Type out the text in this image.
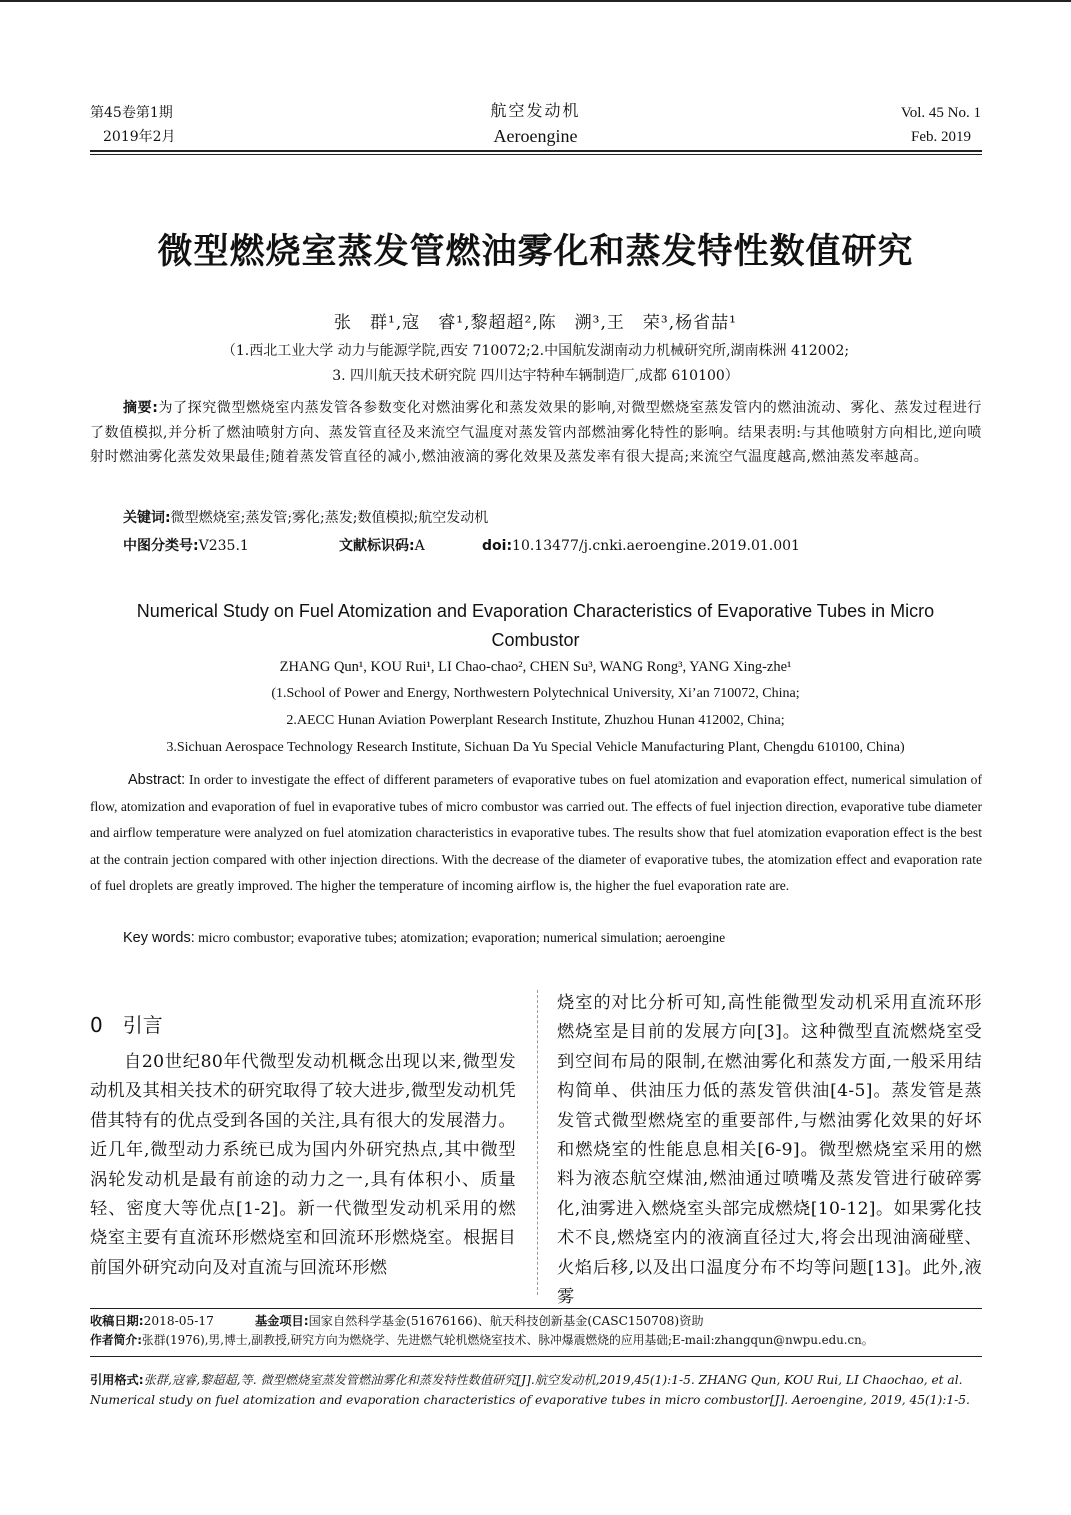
第45卷第1期
2019年2月
航空发动机
Aeroengine
Vol. 45 No. 1
Feb. 2019
微型燃烧室蒸发管燃油雾化和蒸发特性数值研究
张　群¹,寇　睿¹,黎超超²,陈　溯³,王　荣³,杨省喆¹
（1.西北工业大学 动力与能源学院,西安 710072;2.中国航发湖南动力机械研究所,湖南株洲 412002;
3. 四川航天技术研究院 四川达宇特种车辆制造厂,成都 610100）
摘要:为了探究微型燃烧室内蒸发管各参数变化对燃油雾化和蒸发效果的影响,对微型燃烧室蒸发管内的燃油流动、雾化、蒸发过程进行了数值模拟,并分析了燃油喷射方向、蒸发管直径及来流空气温度对蒸发管内部燃油雾化特性的影响。结果表明:与其他喷射方向相比,逆向喷射时燃油雾化蒸发效果最佳;随着蒸发管直径的减小,燃油液滴的雾化效果及蒸发率有很大提高;来流空气温度越高,燃油蒸发率越高。
关键词:微型燃烧室;蒸发管;雾化;蒸发;数值模拟;航空发动机
中图分类号:V235.1	文献标识码:A	doi:10.13477/j.cnki.aeroengine.2019.01.001
Numerical Study on Fuel Atomization and Evaporation Characteristics of Evaporative Tubes in Micro Combustor
ZHANG Qun¹, KOU Rui¹, LI Chao-chao², CHEN Su³, WANG Rong³, YANG Xing-zhe¹
(1.School of Power and Energy, Northwestern Polytechnical University, Xi’an 710072, China;
2.AECC Hunan Aviation Powerplant Research Institute, Zhuzhou Hunan 412002, China;
3.Sichuan Aerospace Technology Research Institute, Sichuan Da Yu Special Vehicle Manufacturing Plant, Chengdu 610100, China)
Abstract: In order to investigate the effect of different parameters of evaporative tubes on fuel atomization and evaporation effect, numerical simulation of flow, atomization and evaporation of fuel in evaporative tubes of micro combustor was carried out. The effects of fuel injection direction, evaporative tube diameter and airflow temperature were analyzed on fuel atomization characteristics in evaporative tubes. The results show that fuel atomization evaporation effect is the best at the contrain jection compared with other injection directions. With the decrease of the diameter of evaporative tubes, the atomization effect and evaporation rate of fuel droplets are greatly improved. The higher the temperature of incoming airflow is, the higher the fuel evaporation rate are.
Key words: micro combustor; evaporative tubes; atomization; evaporation; numerical simulation; aeroengine
0　引言

自20世纪80年代微型发动机概念出现以来,微型发动机及其相关技术的研究取得了较大进步,微型发动机凭借其特有的优点受到各国的关注,具有很大的发展潜力。近几年,微型动力系统已成为国内外研究热点,其中微型涡轮发动机是最有前途的动力之一,具有体积小、质量轻、密度大等优点[1-2]。新一代微型发动机采用的燃烧室主要有直流环形燃烧室和回流环形燃烧室。根据目前国外研究动向及对直流与回流环形燃

烧室的对比分析可知,高性能微型发动机采用直流环形燃烧室是目前的发展方向[3]。这种微型直流燃烧室受到空间布局的限制,在燃油雾化和蒸发方面,一般采用结构简单、供油压力低的蒸发管供油[4-5]。蒸发管是蒸发管式微型燃烧室的重要部件,与燃油雾化效果的好坏和燃烧室的性能息息相关[6-9]。微型燃烧室采用的燃料为液态航空煤油,燃油通过喷嘴及蒸发管进行破碎雾化,油雾进入燃烧室头部完成燃烧[10-12]。如果雾化技术不良,燃烧室内的液滴直径过大,将会出现油滴碰壁、火焰后移,以及出口温度分布不均等问题[13]。此外,液雾

收稿日期:2018-05-17	基金项目:国家自然科学基金(51676166)、航天科技创新基金(CASC150708)资助
作者简介:张群(1976),男,博士,副教授,研究方向为燃烧学、先进燃气轮机燃烧室技术、脉冲爆震燃烧的应用基础;E-mail:zhangqun@nwpu.edu.cn。
引用格式:张群,寇睿,黎超超,等. 微型燃烧室蒸发管燃油雾化和蒸发特性数值研究[J].航空发动机,2019,45(1):1-5. ZHANG Qun, KOU Rui, LI Chaochao, et al. Numerical study on fuel atomization and evaporation characteristics of evaporative tubes in micro combustor[J]. Aeroengine, 2019, 45(1):1-5.
